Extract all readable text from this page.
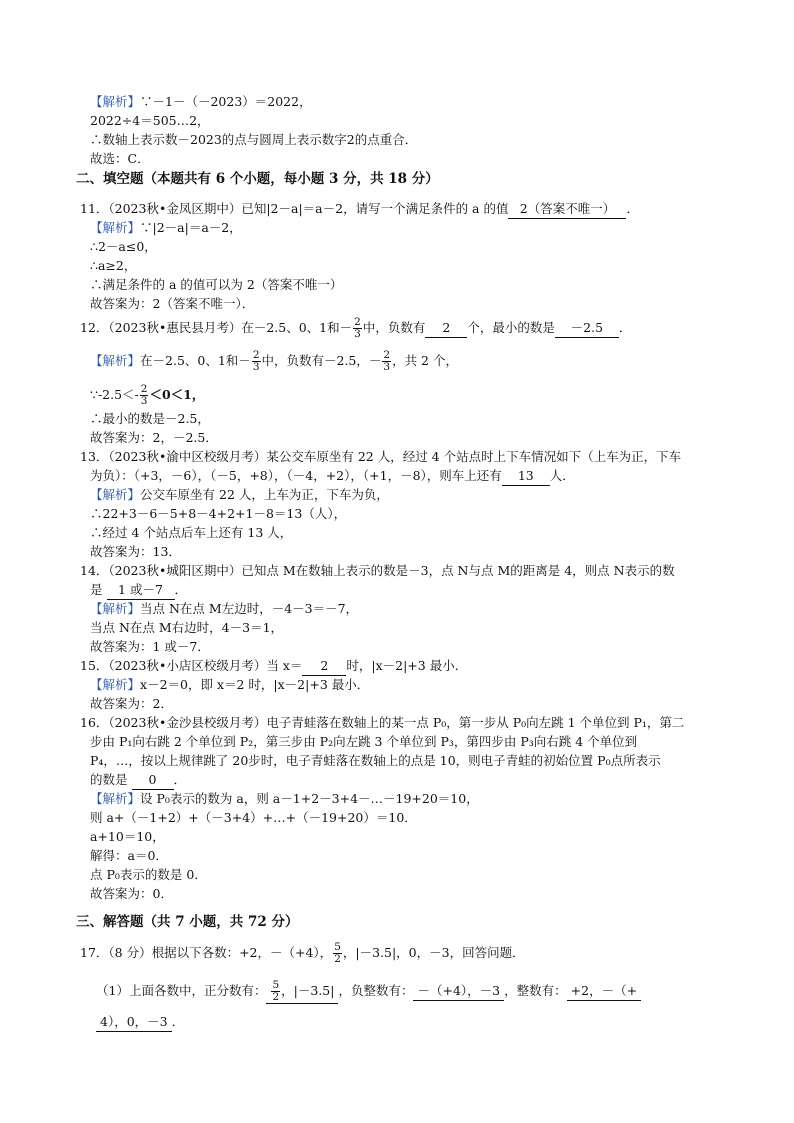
【解析】∵－1－（－2023）＝2022，
2022÷4＝505…2，
∴数轴上表示数－2023的点与圆周上表示数字2的点重合．
故选：C．
二、填空题（本题共有 6 个小题，每小题 3 分，共 18 分）
11．（2023秋•金凤区期中）已知|2－a|＝a－2，请写一个满足条件的 a 的值 2（答案不唯一） ．
【解析】∵|2－a|＝a－2，
∴2－a≤0，
∴a≥2，
∴满足条件的 a 的值可以为 2（答案不唯一）
故答案为：2（答案不唯一）．
12．（2023秋•惠民县月考）在－2.5、0、1和－ $\frac{2}{3}$ 中，负数有 2 个，最小的数是 －2.5 ．
【解析】在－2.5、0、1和－ $\frac{2}{3}$ 中，负数有－2.5，－ $\frac{2}{3}$ ，共 2 个，
∵-2.5＜- $\frac{2}{3} <0<1$，
∴最小的数是－2.5，
故答案为：2，－2.5．
13．（2023秋•渝中区校级月考）某公交车原坐有 22 人，经过 4 个站点时上下车情况如下（上车为正，下车
为负）：（+3，－6），（－5，+8），（－4，+2），（+1，－8），则车上还有 13 人．
【解析】公交车原坐有 22 人，上车为正，下车为负，
∴22+3－6－5+8－4+2+1－8＝13（人），
∴经过 4 个站点后车上还有 13 人，
故答案为：13．
14．（2023秋•城阳区期中）已知点 M在数轴上表示的数是－3，点 N与点 M的距离是 4，则点 N表示的数
是 1 或－7 ．
【解析】当点 N在点 M左边时，－4－3＝－7，
当点 N在点 M右边时，4－3＝1，
故答案为：1 或－7．
15．（2023秋•小店区校级月考）当 x＝ 2 时，|x－2|+3 最小．
【解析】x－2＝0，即 x＝2 时，|x－2|+3 最小．
故答案为：2．
16．（2023秋•金沙县校级月考）电子青蛙落在数轴上的某一点 P₀，第一步从 P₀向左跳 1 个单位到 P₁，第二
步由 P₁向右跳 2 个单位到 P₂，第三步由 P₂向左跳 3 个单位到 P₃，第四步由 P₃向右跳 4 个单位到
P₄，…，按以上规律跳了 20步时，电子青蛙落在数轴上的点是 10，则电子青蛙的初始位置 P₀点所表示
的数是 0 ．
【解析】设 P₀表示的数为 a，则 a－1+2－3+4－…－19+20＝10，
则 a+（－1+2）+（－3+4）+…+（－19+20）＝10．
a+10＝10，
解得：a＝0．
点 P₀表示的数是 0．
故答案为：0．
三、解答题（共 7 小题，共 72 分）
17．（8 分）根据以下各数：+2，－（+4）， $\frac{5}{2}$ ，|－3.5|，0，－3，回答问题．
（1）上面各数中，正分数有： $\frac{5}{2}$ ，|－3.5| ，负整数有： －（+4），－3 ，整数有： +2，－（+
4），0，－3 ．
